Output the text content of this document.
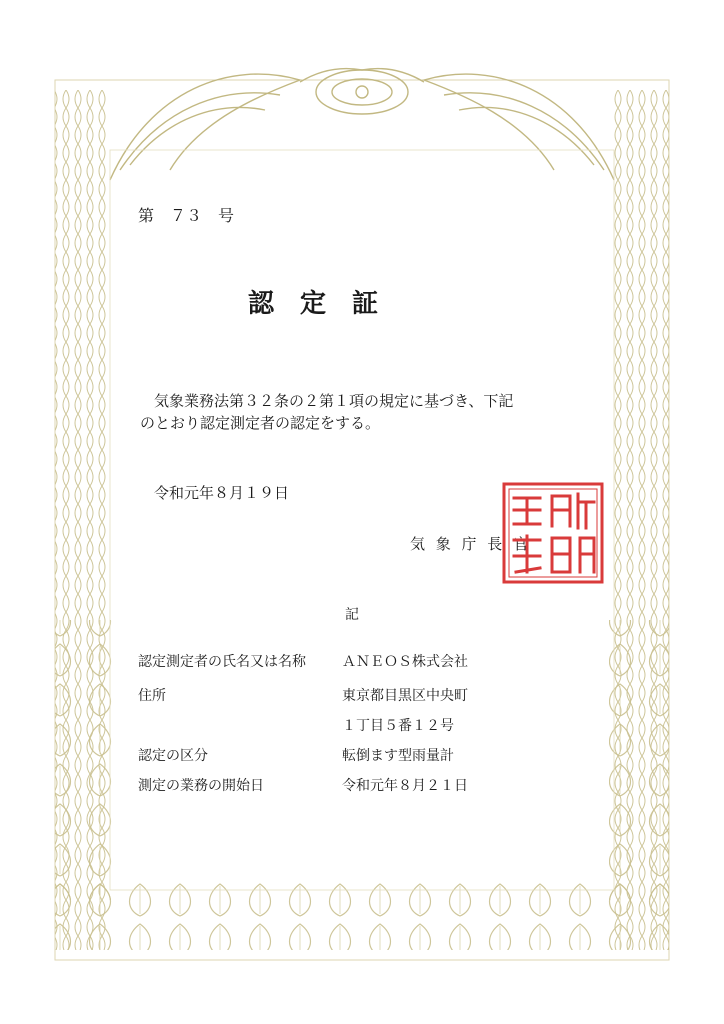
第　７３　号
認　定　証

気象業務法第３２条の２第１項の規定に基づき、下記

のとおり認定測定者の認定をする。

令和元年８月１９日
気 象 庁 長 官
記
認定測定者の氏名又は名称	ＡＮＥＯＳ株式会社
住所	東京都目黒区中央町
１丁目５番１２号
認定の区分	転倒ます型雨量計
測定の業務の開始日	令和元年８月２１日
